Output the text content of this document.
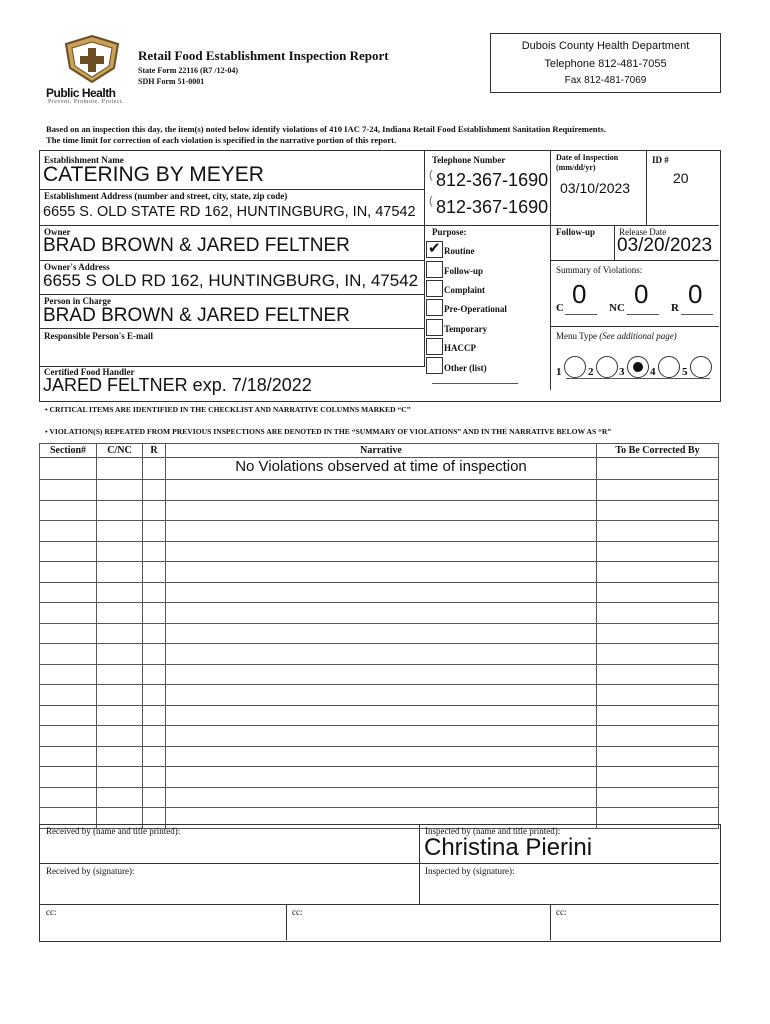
Public Health
Prevent. Promote. Protect.
Retail Food Establishment Inspection Report
State Form 22116 (R7 /12-04)
SDH Form 51-0001
Dubois County Health Department
Telephone 812-481-7055
Fax 812-481-7069
Based on an inspection this day, the item(s) noted below identify violations of 410 IAC 7-24, Indiana Retail Food Establishment Sanitation Requirements.
The time limit for correction of each violation is specified in the narrative portion of this report.
Establishment Name
CATERING BY MEYER
Telephone Number
( 812-367-1690
Date of Inspection
(mm/dd/yr)
03/10/2023
ID #
20
Establishment Address (number and street, city, state, zip code)
6655 S. OLD STATE RD 162, HUNTINGBURG, IN, 47542
( 812-367-1690
Owner
BRAD BROWN & JARED FELTNER
Purpose:	Follow-up	Release Date
03/20/2023
✔ Routine
Follow-up
Complaint
Pre-Operational
Temporary
HACCP
Other (list)
Owner's Address
6655 S OLD RD 162, HUNTINGBURG, IN, 47542
Summary of Violations:
C 0 NC 0 R 0
Person in Charge
BRAD BROWN & JARED FELTNER
Responsible Person's E-mail	Menu Type (See additional page)
1 2 3 4 5
Certified Food Handler
JARED FELTNER exp. 7/18/2022
• CRITICAL ITEMS ARE IDENTIFIED IN THE CHECKLIST AND NARRATIVE COLUMNS MARKED “C”
• VIOLATION(S) REPEATED FROM PREVIOUS INSPECTIONS ARE DENOTED IN THE “SUMMARY OF VIOLATIONS” AND IN THE NARRATIVE BELOW AS “R”
Section#	C/NC	R	Narrative	To Be Corrected By
			No Violations observed at time of inspection	

Received by (name and title printed):	Inspected by (name and title printed):
Christina Pierini
Received by (signature):	Inspected by (signature):
cc:	cc:	cc:
